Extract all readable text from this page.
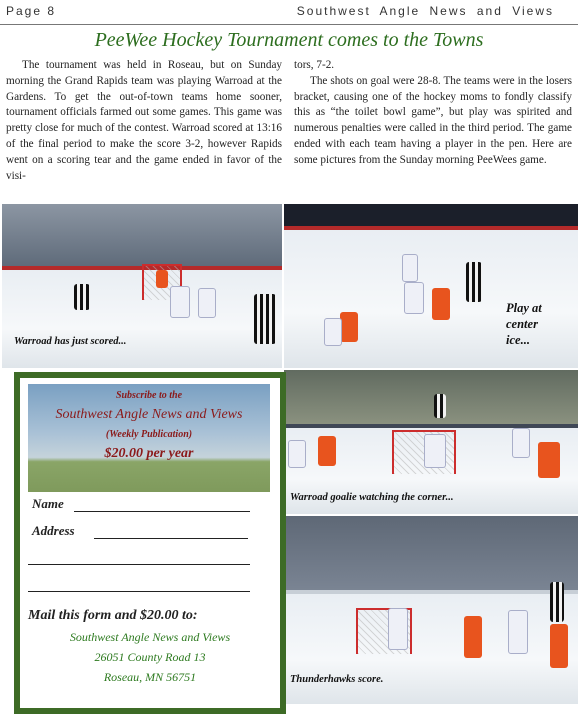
Page 8	Southwest Angle News and Views
PeeWee Hockey Tournament comes to the Towns

The tournament was held in Roseau, but on Sunday morning the Grand Rapids team was playing Warroad at the Gardens. To get the out-of-town teams home sooner, tournament officials farmed out some games. This game was pretty close for much of the contest. Warroad scored at 13:16 of the final period to make the score 3-2, however Rapids went on a scoring tear and the game ended in favor of the visi-

tors, 7-2.

The shots on goal were 28-8. The teams were in the losers bracket, causing one of the hockey moms to fondly classify this as “the toilet bowl game”, but play was spirited and numerous penalties were called in the third period. The game ended with each team having a player in the pen. Here are some pictures from the Sunday morning PeeWees game.

Warroad has just scored...
Play at
center
ice...
Warroad goalie watching the corner...
Thunderhawks score.
Subscribe to the
Southwest Angle News and Views
(Weekly Publication)
$20.00 per year
Name
Address
Mail this form and $20.00 to:
Southwest Angle News and Views
26051 County Road 13
Roseau, MN 56751
